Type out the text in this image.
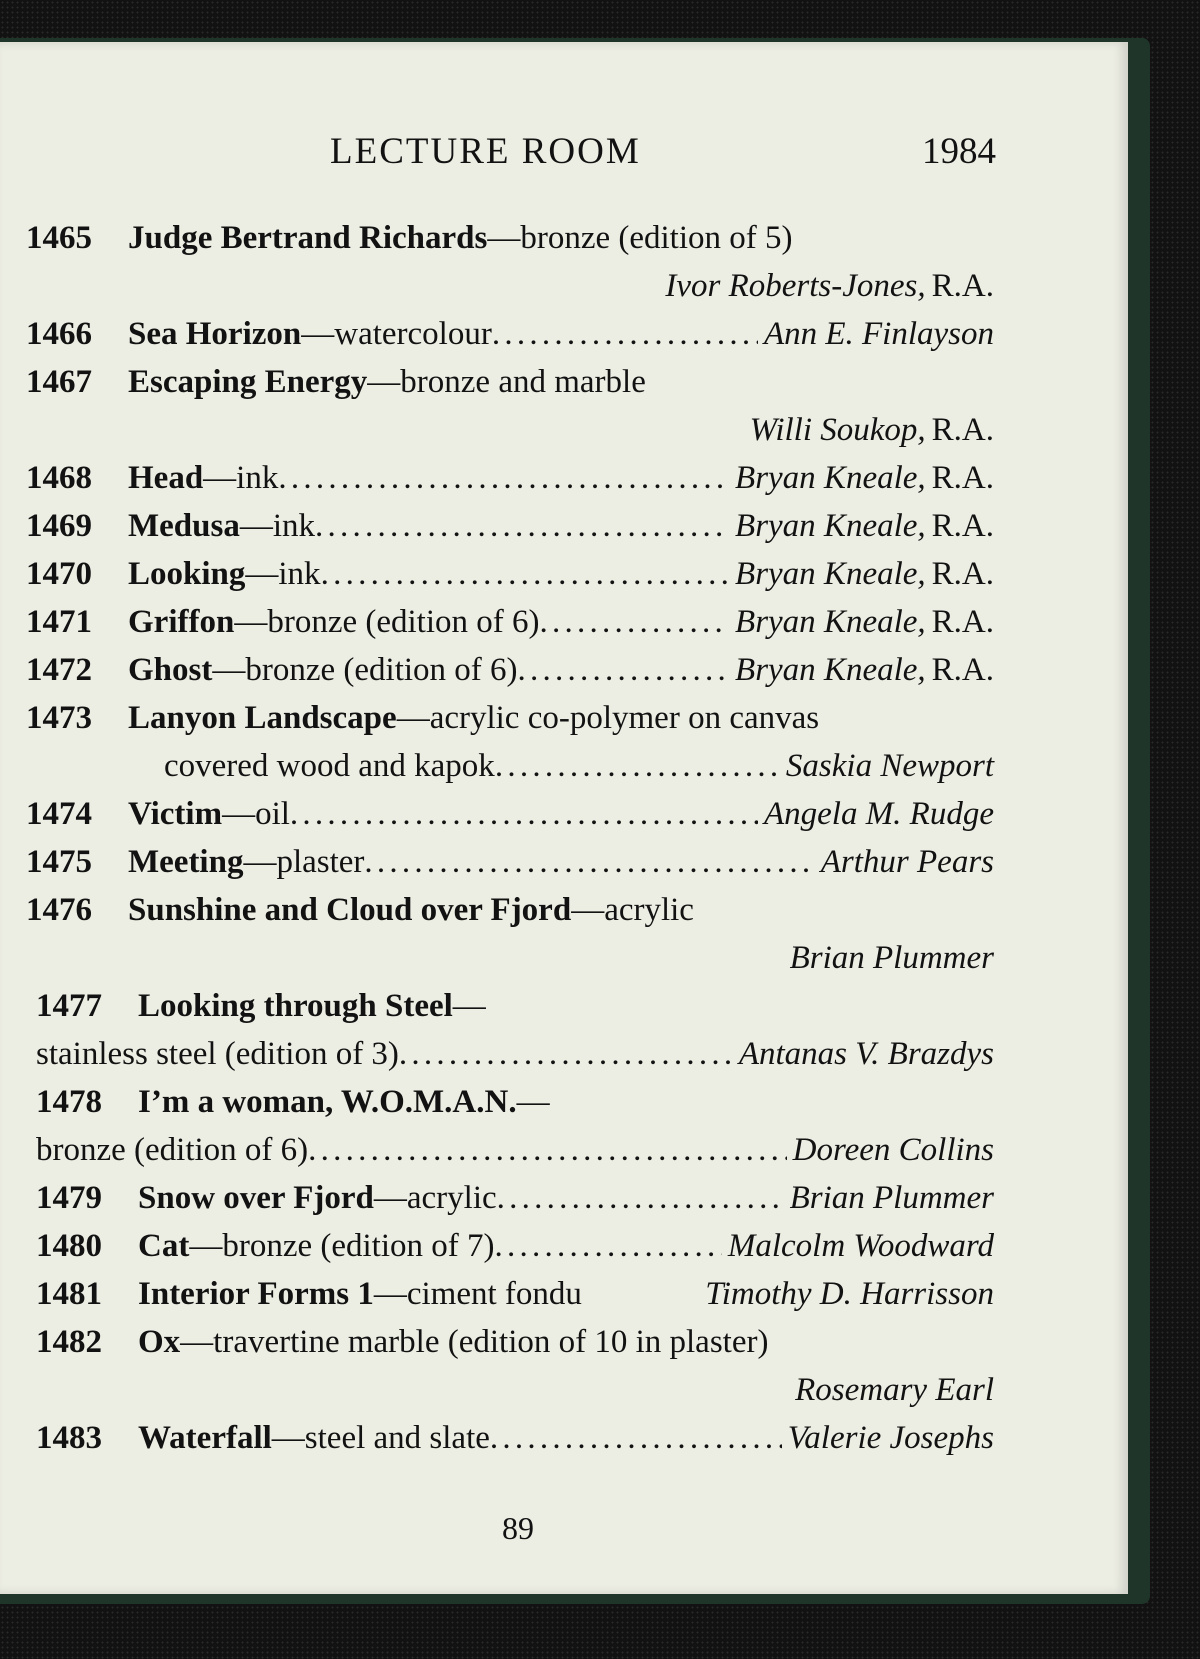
LECTURE ROOM	1984
1465	Judge Bertrand Richards—bronze (edition of 5)
Ivor Roberts-Jones, R.A.
1466	Sea Horizon—watercolour . . .	Ann E. Finlayson
1467	Escaping Energy—bronze and marble
Willi Soukop, R.A.
1468	Head—ink . . .	Bryan Kneale, R.A.
1469	Medusa—ink . . .	Bryan Kneale, R.A.
1470	Looking—ink . . .	Bryan Kneale, R.A.
1471	Griffon—bronze (edition of 6) . . .	Bryan Kneale, R.A.
1472	Ghost—bronze (edition of 6) . . .	Bryan Kneale, R.A.
1473	Lanyon Landscape—acrylic co-polymer on canvas
covered wood and kapok . . .	Saskia Newport
1474	Victim—oil . . .	Angela M. Rudge
1475	Meeting—plaster . . .	Arthur Pears
1476	Sunshine and Cloud over Fjord—acrylic
Brian Plummer
1477	Looking through Steel—
stainless steel (edition of 3) . . .	Antanas V. Brazdys
1478	I’m a woman, W.O.M.A.N.—
bronze (edition of 6) . . .	Doreen Collins
1479	Snow over Fjord—acrylic . . .	Brian Plummer
1480	Cat—bronze (edition of 7) . . .	Malcolm Woodward
1481	Interior Forms 1—ciment fondu	Timothy D. Harrisson
1482	Ox—travertine marble (edition of 10 in plaster)
Rosemary Earl
1483	Waterfall—steel and slate . . .	Valerie Josephs
89
